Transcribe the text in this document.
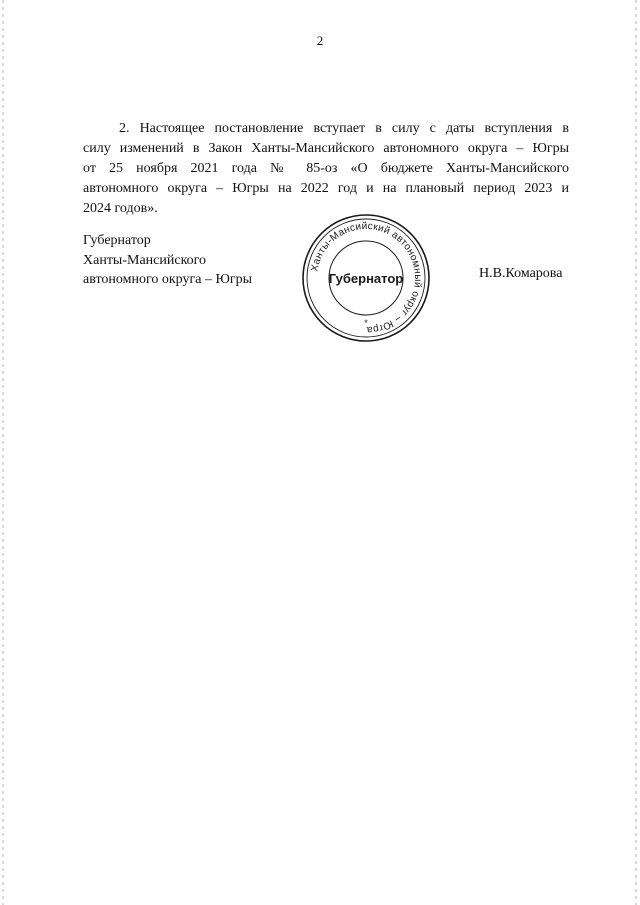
2

2. Настоящее постановление вступает в силу с даты вступления в
силу изменений в Закон Ханты-Мансийского автономного округа – Югры
от 25 ноября 2021 года № 85-оз «О бюджете Ханты-Мансийского
автономного округа – Югры на 2022 год и на плановый период 2023 и
2024 годов».

Губернатор
Ханты-Мансийского
автономного округа – Югры
Ханты-Мансийский автономный округ – Югра
Губернатор
*
Н.В.Комарова
